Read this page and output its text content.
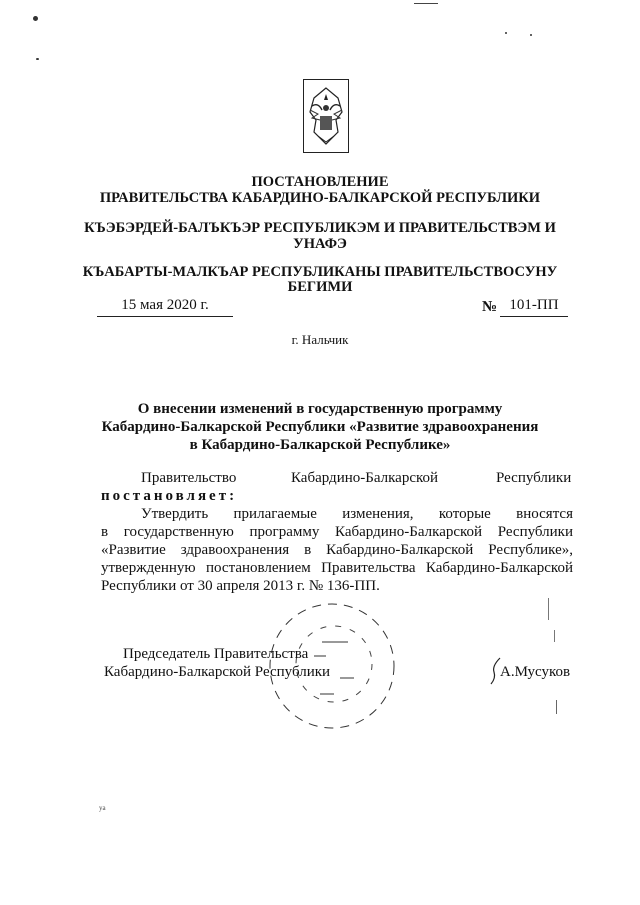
ПОСТАНОВЛЕНИЕ
ПРАВИТЕЛЬСТВА КАБАРДИНО-БАЛКАРСКОЙ РЕСПУБЛИКИ
КЪЭБЭРДЕЙ-БАЛЪКЪЭР РЕСПУБЛИКЭМ И ПРАВИТЕЛЬСТВЭМ И
УНАФЭ
КЪАБАРТЫ-МАЛКЪАР РЕСПУБЛИКАНЫ ПРАВИТЕЛЬСТВОСУНУ
БЕГИМИ
15 мая 2020 г.	№ 101-ПП
г. Нальчик
О внесении изменений в государственную программу
Кабардино-Балкарской Республики «Развитие здравоохранения
в Кабардино-Балкарской Республике»
Правительство	Кабардино-Балкарской	Республики
постановляет:
Утвердить прилагаемые изменения, которые вносятся
в государственную программу Кабардино-Балкарской Республики
«Развитие здравоохранения в Кабардино-Балкарской Республике»,
утвержденную постановлением Правительства Кабардино-Балкарской
Республики от 30 апреля 2013 г. № 136-ПП.
Председатель Правительства
Кабардино-Балкарской Республики	А.Мусуков
ya
